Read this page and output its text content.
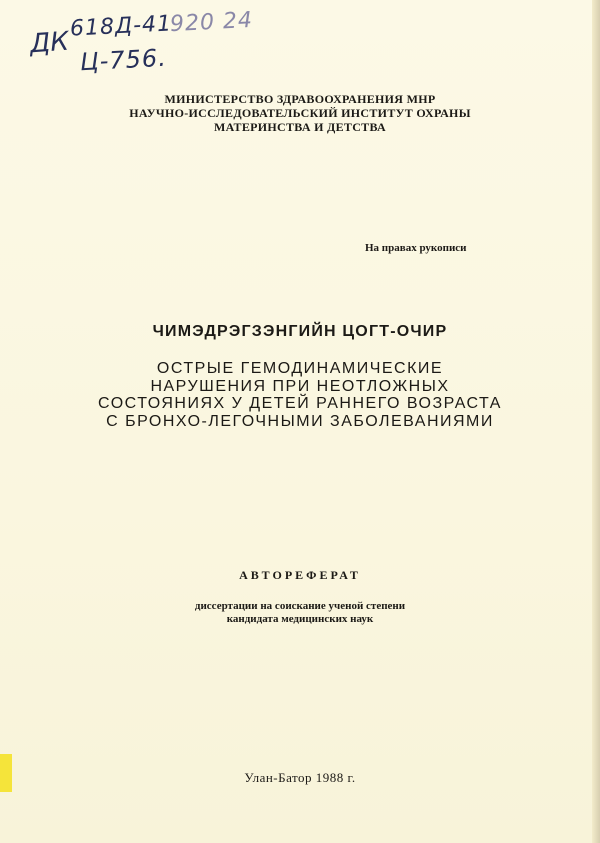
ДК
618Д-41
920 24
Ц-756.
МИНИСТЕРСТВО ЗДРАВООХРАНЕНИЯ МНР
НАУЧНО-ИССЛЕДОВАТЕЛЬСКИЙ ИНСТИТУТ ОХРАНЫ
МАТЕРИНСТВА И ДЕТСТВА
На правах рукописи
ЧИМЭДРЭГЗЭНГИЙН ЦОГТ-ОЧИР
ОСТРЫЕ ГЕМОДИНАМИЧЕСКИЕ
НАРУШЕНИЯ ПРИ НЕОТЛОЖНЫХ
СОСТОЯНИЯХ У ДЕТЕЙ РАННЕГО ВОЗРАСТА
С БРОНХО-ЛЕГОЧНЫМИ ЗАБОЛЕВАНИЯМИ
АВТОРЕФЕРАТ
диссертации на соискание ученой степени
кандидата медицинских наук
Улан-Батор 1988 г.
